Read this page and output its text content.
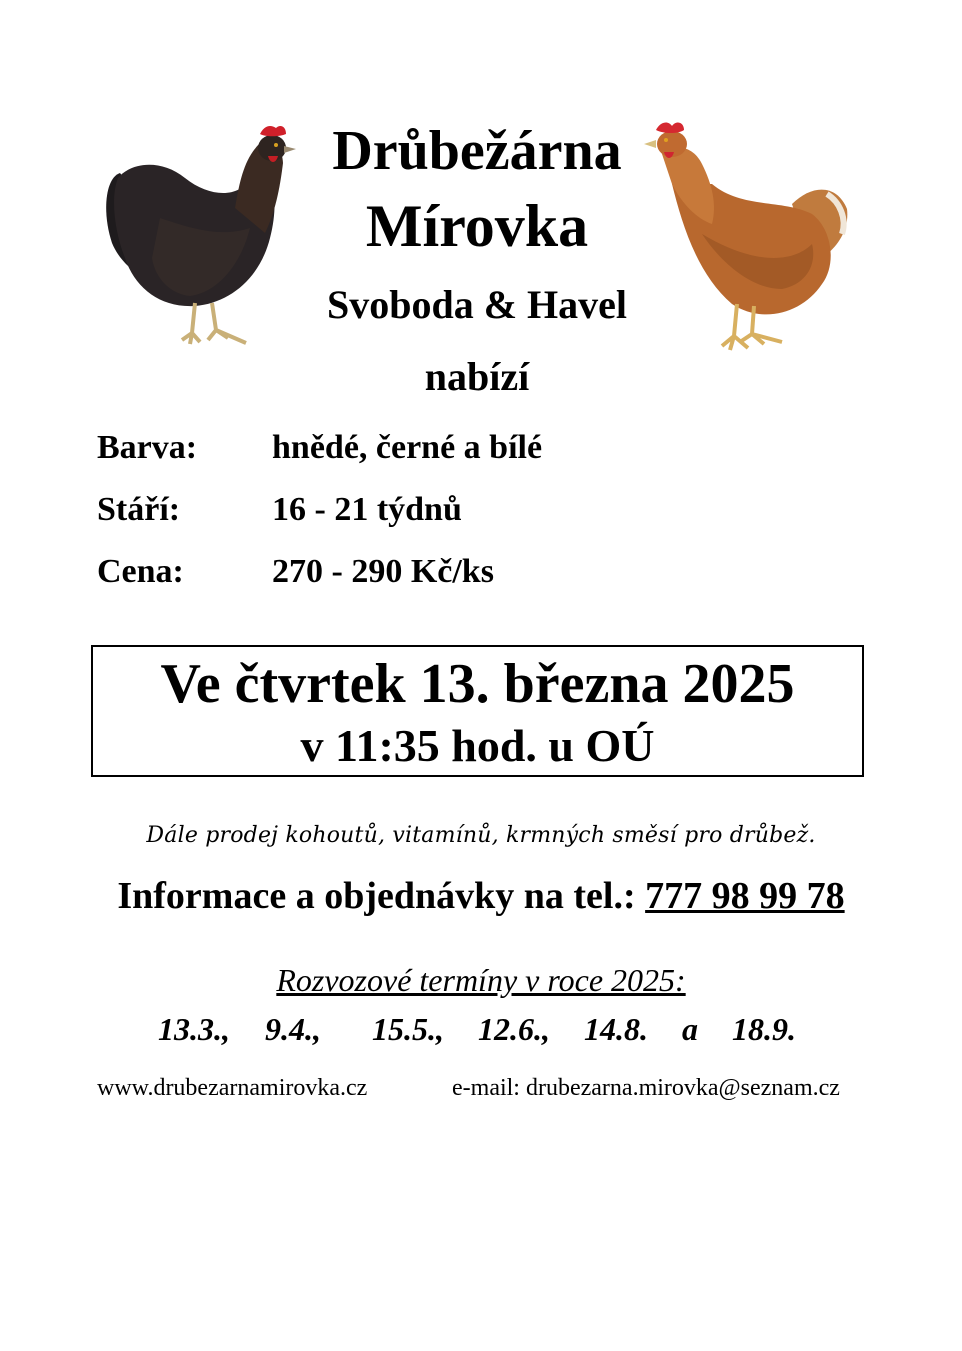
Drůbežárna
Mírovka
Svoboda & Havel
nabízí
Barva: hnědé, černé a bílé
Stáří:	16 - 21 týdnů
Cena:	270 - 290 Kč/ks
Ve čtvrtek 13. března 2025
v 11:35 hod. u OÚ
Dále prodej kohoutů, vitamínů, krmných směsí pro drůbež.
Informace a objednávky na tel.: 777 98 99 78
Rozvozové termíny v roce 2025:
13.3., 9.4., 15.5., 12.6., 14.8. a 18.9.
www.drubezarnamirovka.cz	e-mail: drubezarna.mirovka@seznam.cz
